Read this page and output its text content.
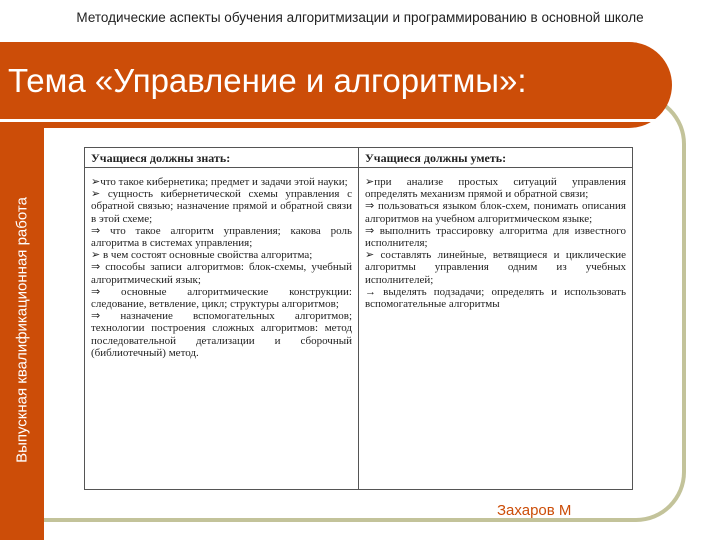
Методические аспекты обучения алгоритмизации и программированию в основной школе
Выпускная квалификационная работа
Тема «Управление и алгоритмы»:
Учащиеся должны знать:

➢что такое кибернетика; предмет и задачи этой науки;

➢ сущность кибернетической схемы управления с обратной связью; назначение прямой и обратной связи в этой схеме;

⇒ что такое алгоритм управления; какова роль алгоритма в системах управления;

➢ в чем состоят основные свойства алгоритма;

⇒ способы записи алгоритмов: блок-схемы, учебный алгоритмический язык;

⇒ основные алгоритмические конструкции: следование, ветвление, цикл; структуры алгоритмов;

⇒ назначение вспомогательных алгоритмов; технологии построения сложных алгоритмов: метод последовательной детализации и сборочный (библиотечный) метод.

Учащиеся должны уметь:

➢при анализе простых ситуаций управления определять механизм прямой и обратной связи;

⇒ пользоваться языком блок-схем, понимать описания алгоритмов на учебном алгоритмическом языке;

⇒ выполнить трассировку алгоритма для известного исполнителя;

➢ составлять линейные, ветвящиеся и циклические алгоритмы управления одним из учебных исполнителей;

→ выделять подзадачи; определять и использовать вспомогательные алгоритмы

Захаров М
